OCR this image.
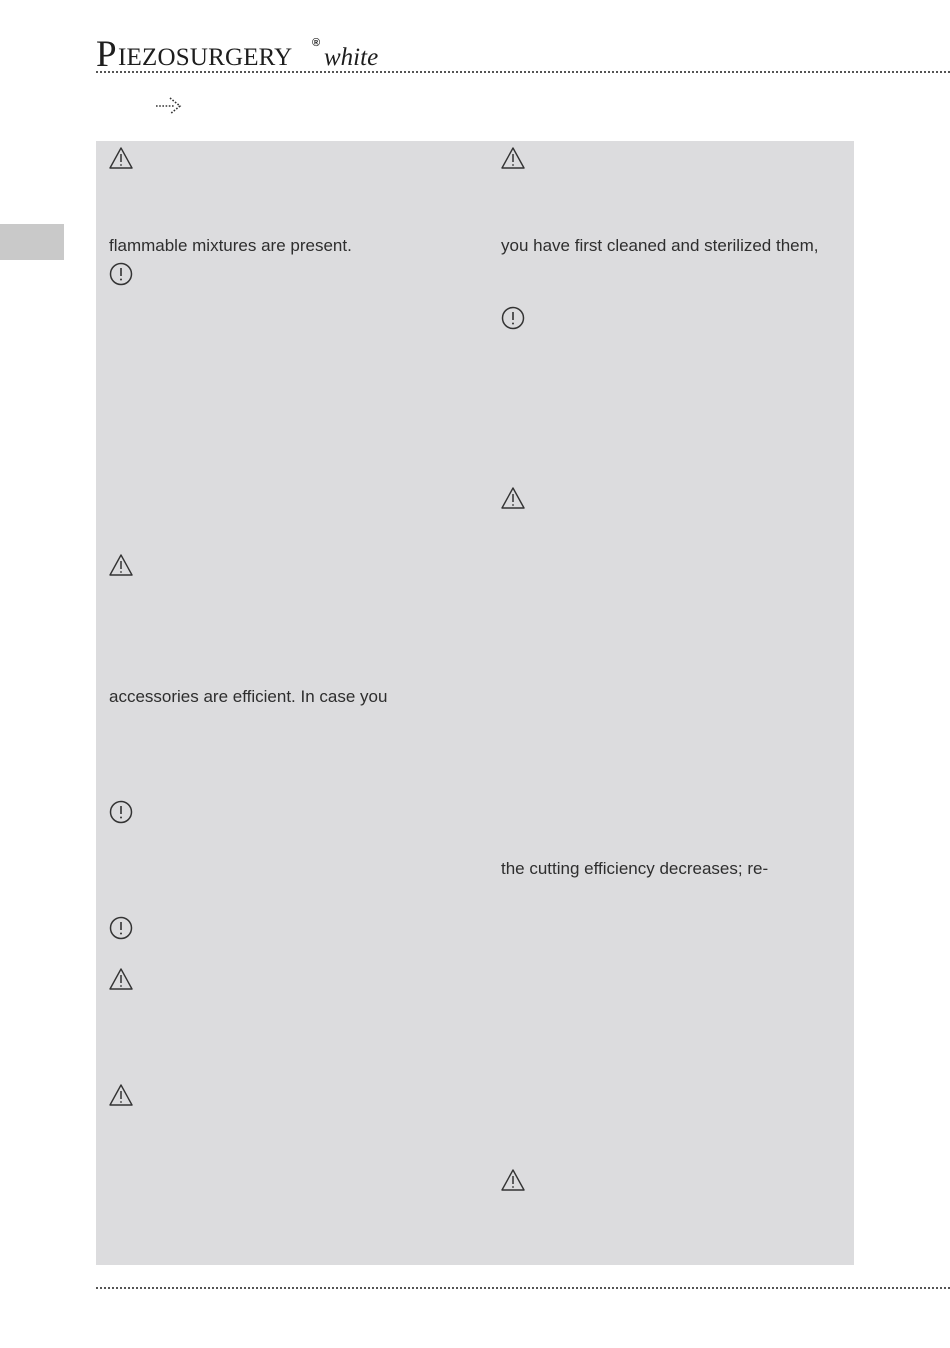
P IEZOSURGERY
®
white
flammable mixtures are present.
accessories are efficient. In case you
you have first cleaned and sterilized them,
the cutting efficiency decreases; re-
